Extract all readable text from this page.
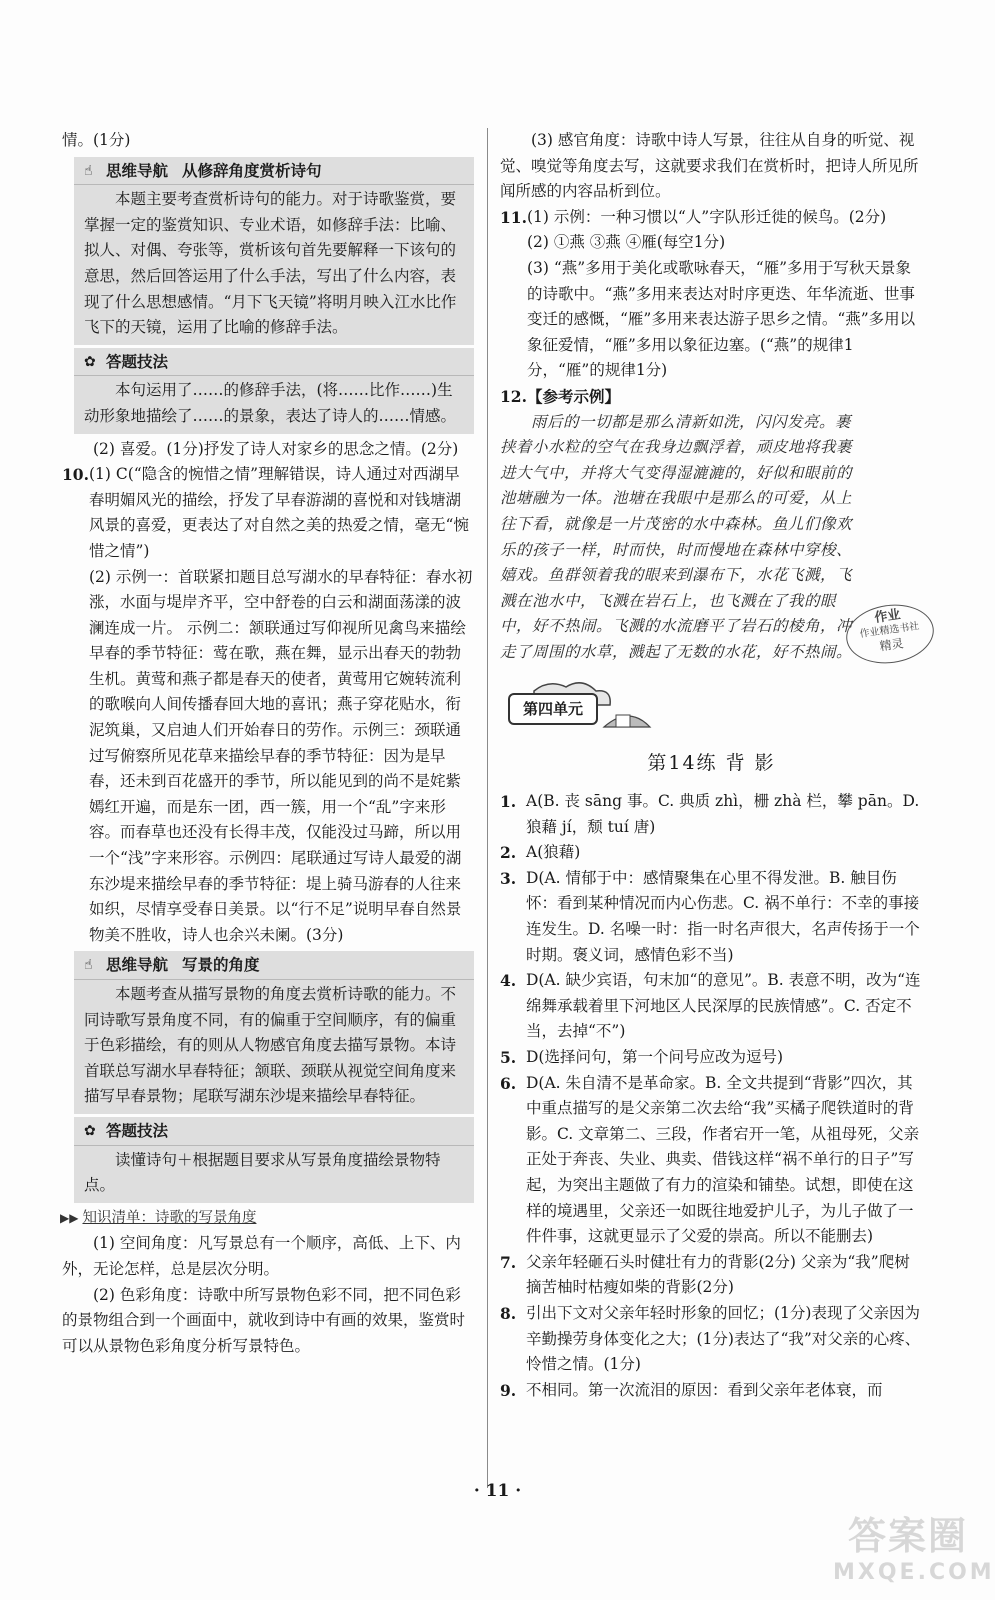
情。(1分)

☝ 思维导航 从修辞角度赏析诗句

本题主要考查赏析诗句的能力。对于诗歌鉴赏，要掌握一定的鉴赏知识、专业术语，如修辞手法：比喻、拟人、对偶、夸张等，赏析该句首先要解释一下该句的意思，然后回答运用了什么手法，写出了什么内容，表现了什么思想感情。“月下飞天镜”将明月映入江水比作飞下的天镜，运用了比喻的修辞手法。

✿ 答题技法

本句运用了……的修辞手法，(将……比作……)生动形象地描绘了……的景象，表达了诗人的……情感。

(2) 喜爱。(1分)抒发了诗人对家乡的思念之情。(2分)

10. (1) C(“隐含的惋惜之情”理解错误，诗人通过对西湖早春明媚风光的描绘，抒发了早春游湖的喜悦和对钱塘湖风景的喜爱，更表达了对自然之美的热爱之情，毫无“惋惜之情”)

(2) 示例一：首联紧扣题目总写湖水的早春特征：春水初涨，水面与堤岸齐平，空中舒卷的白云和湖面荡漾的波澜连成一片。 示例二：颔联通过写仰视所见禽鸟来描绘早春的季节特征：莺在歌，燕在舞，显示出春天的勃勃生机。黄莺和燕子都是春天的使者，黄莺用它婉转流利的歌喉向人间传播春回大地的喜讯；燕子穿花贴水，衔泥筑巢，又启迪人们开始春日的劳作。示例三：颈联通过写俯察所见花草来描绘早春的季节特征：因为是早春，还未到百花盛开的季节，所以能见到的尚不是姹紫嫣红开遍，而是东一团，西一簇，用一个“乱”字来形容。而春草也还没有长得丰茂，仅能没过马蹄，所以用一个“浅”字来形容。示例四：尾联通过写诗人最爱的湖东沙堤来描绘早春的季节特征：堤上骑马游春的人往来如织，尽情享受春日美景。以“行不足”说明早春自然景物美不胜收，诗人也余兴未阑。(3分)

☝ 思维导航 写景的角度

本题考查从描写景物的角度去赏析诗歌的能力。不同诗歌写景角度不同，有的偏重于空间顺序，有的偏重于色彩描绘，有的则从人物感官角度去描写景物。本诗首联总写湖水早春特征；颔联、颈联从视觉空间角度来描写早春景物；尾联写湖东沙堤来描绘早春特征。

✿ 答题技法

读懂诗句＋根据题目要求从写景角度描绘景物特点。

▶▶ 知识清单：诗歌的写景角度

(1) 空间角度：凡写景总有一个顺序，高低、上下、内外，无论怎样，总是层次分明。

(2) 色彩角度：诗歌中所写景物色彩不同，把不同色彩的景物组合到一个画面中，就收到诗中有画的效果，鉴赏时可以从景物色彩角度分析写景特色。

(3) 感官角度：诗歌中诗人写景，往往从自身的听觉、视觉、嗅觉等角度去写，这就要求我们在赏析时，把诗人所见所闻所感的内容品析到位。

11. (1) 示例：一种习惯以“人”字队形迁徙的候鸟。(2分)

(2) ①燕 ③燕 ④雁(每空1分)

(3) “燕”多用于美化或歌咏春天，“雁”多用于写秋天景象的诗歌中。“燕”多用来表达对时序更迭、年华流逝、世事变迁的感慨，“雁”多用来表达游子思乡之情。“燕”多用以象征爱情，“雁”多用以象征边塞。(“燕”的规律1分，“雁”的规律1分)

12. 【参考示例】

雨后的一切都是那么清新如洗，闪闪发亮。裹挟着小水粒的空气在我身边飘浮着，顽皮地将我裹进大气中，并将大气变得湿漉漉的，好似和眼前的池塘融为一体。池塘在我眼中是那么的可爱，从上往下看，就像是一片茂密的水中森林。鱼儿们像欢乐的孩子一样，时而快，时而慢地在森林中穿梭、嬉戏。鱼群领着我的眼来到瀑布下，水花飞溅，飞溅在池水中，飞溅在岩石上，也飞溅在了我的眼中，好不热闹。飞溅的水流磨平了岩石的棱角，冲走了周围的水草，溅起了无数的水花，好不热闹。

第四单元
第14练 背 影
1. A(B. 丧 sāng 事。C. 典质 zhì，栅 zhà 栏，攀 pān。D. 狼藉 jí，颓 tuí 唐)
2. A(狼藉)
3. D(A. 情郁于中：感情聚集在心里不得发泄。B. 触目伤怀：看到某种情况而内心伤悲。C. 祸不单行：不幸的事接连发生。D. 名噪一时：指一时名声很大，名声传扬于一个时期。褒义词，感情色彩不当)
4. D(A. 缺少宾语，句末加“的意见”。B. 表意不明，改为“连绵舞承载着里下河地区人民深厚的民族情感”。C. 否定不当，去掉“不”)
5. D(选择问句，第一个问号应改为逗号)
6. D(A. 朱自清不是革命家。B. 全文共提到“背影”四次，其中重点描写的是父亲第二次去给“我”买橘子爬铁道时的背影。C. 文章第二、三段，作者宕开一笔，从祖母死，父亲正处于奔丧、失业、典卖、借钱这样“祸不单行的日子”写起，为突出主题做了有力的渲染和铺垫。试想，即使在这样的境遇里，父亲还一如既往地爱护儿子，为儿子做了一件件事，这就更显示了父爱的崇高。所以不能删去)
7. 父亲年轻砸石头时健壮有力的背影(2分) 父亲为“我”爬树摘苦柚时枯瘦如柴的背影(2分)
8. 引出下文对父亲年轻时形象的回忆；(1分)表现了父亲因为辛勤操劳身体变化之大；(1分)表达了“我”对父亲的心疼、怜惜之情。(1分)
9. 不相同。第一次流泪的原因：看到父亲年老体衰，而
作业
作业精选书社
精灵
· 11 ·
答案圈
MXQE.COM
